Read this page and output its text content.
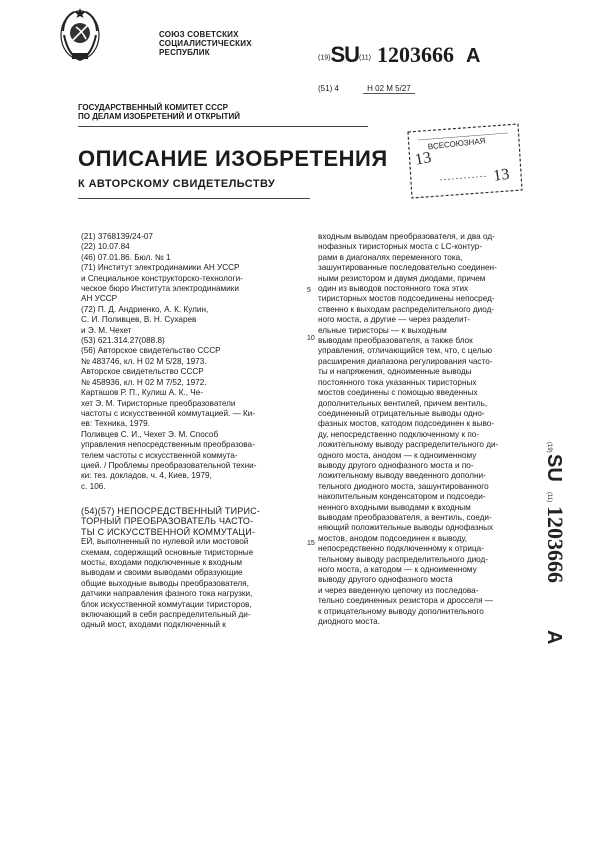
СОЮЗ СОВЕТСКИХ
СОЦИАЛИСТИЧЕСКИХ
РЕСПУБЛИК
(19)SU(11) 1203666 A
(51) 4	Н 02 М 5/27
ГОСУДАРСТВЕННЫЙ КОМИТЕТ СССР
ПО ДЕЛАМ ИЗОБРЕТЕНИЙ И ОТКРЫТИЙ
ОПИСАНИЕ ИЗОБРЕТЕНИЯ
К АВТОРСКОМУ СВИДЕТЕЛЬСТВУ
ВСЕСОЮЗНАЯ
13
13
(21) 3768139/24-07
(22) 10.07.84
(46) 07.01.86. Бюл. № 1
(71) Институт электродинамики АН УССР
и Специальное конструкторско-технологи-
ческое бюро Института электродинамики
АН УССР
(72) П. Д. Андриенко, А. К. Кулин,
С. И. Поливцев, В. Н. Сухарев
и Э. М. Чехет
(53) 621.314.27(088.8)
(56) Авторское свидетельство СССР
№ 483746, кл. Н 02 М 5/28, 1973.
Авторское свидетельство СССР
№ 458936, кл. Н 02 М 7/52, 1972.
Карташов Р. П., Кулиш А. К., Че-
хет Э. М. Тиристорные преобразователи
частоты с искусственной коммутацией. — Ки-
ев: Техника, 1979.
Поливцев С. И., Чехет Э. М. Способ
управления непосредственным преобразова-
телем частоты с искусственной коммута-
цией. / Проблемы преобразовательной техни-
ки: тез. докладов, ч. 4, Киев, 1979,
с. 106.
(54)(57) НЕПОСРЕДСТВЕННЫЙ ТИРИС-
ТОРНЫЙ ПРЕОБРАЗОВАТЕЛЬ ЧАСТО-
ТЫ С ИСКУССТВЕННОЙ КОММУТАЦИ-
ЕЙ, выполненный по нулевой или мостовой
схемам, содержащий основные тиристорные
мосты, входами подключенные к входным
выводам и своими выводами образующие
общие выходные выводы преобразователя,
датчики направления фазного тока нагрузки,
блок искусственной коммутации тиристоров,
включающий в себя распределительный ди-
одный мост, входами подключенный к
5
10
15
входным выводам преобразователя, и два од-
нофазных тиристорных моста с LC-контур-
рами в диагоналях переменного тока,
зашунтированные последовательно соединен-
ными резистором и двумя диодами, причем
один из выводов постоянного тока этих
тиристорных мостов подсоединены непосред-
ственно к выходам распределительного диод-
ного моста, а другие — через разделит-
ельные тиристоры — к выходным
выводам преобразователя, а также блок
управления, отличающийся тем, что, с целью
расширения диапазона регулирования часто-
ты и напряжения, одноименные выводы
постоянного тока указанных тиристорных
мостов соединены с помощью введенных
дополнительных вентилей, причем вентиль,
соединенный отрицательные выводы одно-
фазных мостов, катодом подсоединен к выво-
ду, непосредственно подключенному к по-
ложительному выводу распределительного ди-
одного моста, анодом — к одноименному
выводу другого однофазного моста и по-
ложительному выводу введенного дополни-
тельного диодного моста, зашунтированного
накопительным конденсатором и подсоеди-
ненного входными выводами к входным
выводам преобразователя, а вентиль, соеди-
няющий положительные выводы однофазных
мостов, анодом подсоединен к выводу,
непосредственно подключенному к отрица-
тельному выводу распределительного диод-
ного моста, а катодом — к одноименному
выводу другого однофазного моста
и через введенную цепочку из последова-
тельно соединенных резистора и дросселя —
к отрицательному выводу дополнительного
диодного моста.
(19)
SU
(11)
1203666
A
